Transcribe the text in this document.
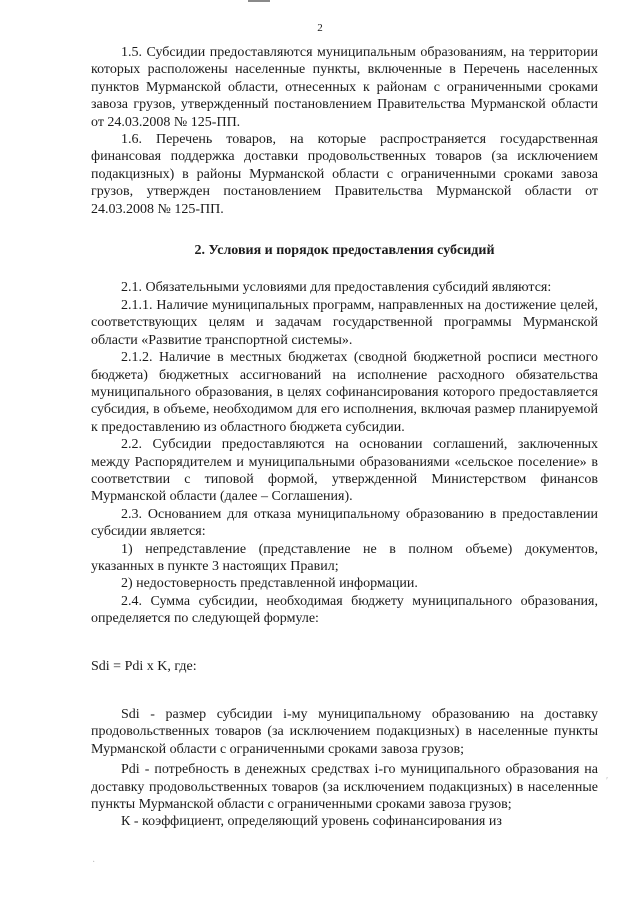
2

1.5. Субсидии предоставляются муниципальным образованиям, на территории которых расположены населенные пункты, включенные в Перечень населенных пунктов Мурманской области, отнесенных к районам с ограниченными сроками завоза грузов, утвержденный постановлением Правительства Мурманской области от 24.03.2008 № 125-ПП.

1.6. Перечень товаров, на которые распространяется государственная финансовая поддержка доставки продовольственных товаров (за исключением подакцизных) в районы Мурманской области с ограниченными сроками завоза грузов, утвержден постановлением Правительства Мурманской области от 24.03.2008 № 125-ПП.

2. Условия и порядок предоставления субсидий

2.1. Обязательными условиями для предоставления субсидий являются:

2.1.1. Наличие муниципальных программ, направленных на достижение целей, соответствующих целям и задачам государственной программы Мурманской области «Развитие транспортной системы».

2.1.2. Наличие в местных бюджетах (сводной бюджетной росписи местного бюджета) бюджетных ассигнований на исполнение расходного обязательства муниципального образования, в целях софинансирования которого предоставляется субсидия, в объеме, необходимом для его исполнения, включая размер планируемой к предоставлению из областного бюджета субсидии.

2.2. Субсидии предоставляются на основании соглашений, заключенных между Распорядителем и муниципальными образованиями «сельское поселение» в соответствии с типовой формой, утвержденной Министерством финансов Мурманской области (далее – Соглашения).

2.3. Основанием для отказа муниципальному образованию в предоставлении субсидии является:

1) непредставление (представление не в полном объеме) документов, указанных в пункте 3 настоящих Правил;

2) недостоверность представленной информации.

2.4. Сумма субсидии, необходимая бюджету муниципального образования, определяется по следующей формуле:

Sdi = Pdi x K, где:

Sdi - размер субсидии i-му муниципальному образованию на доставку продовольственных товаров (за исключением подакцизных) в населенные пункты Мурманской области с ограниченными сроками завоза грузов;

Pdi - потребность в денежных средствах i-го муниципального образования на доставку продовольственных товаров (за исключением подакцизных) в населенные пункты Мурманской области с ограниченными сроками завоза грузов;

К - коэффициент, определяющий уровень софинансирования из

′
·
